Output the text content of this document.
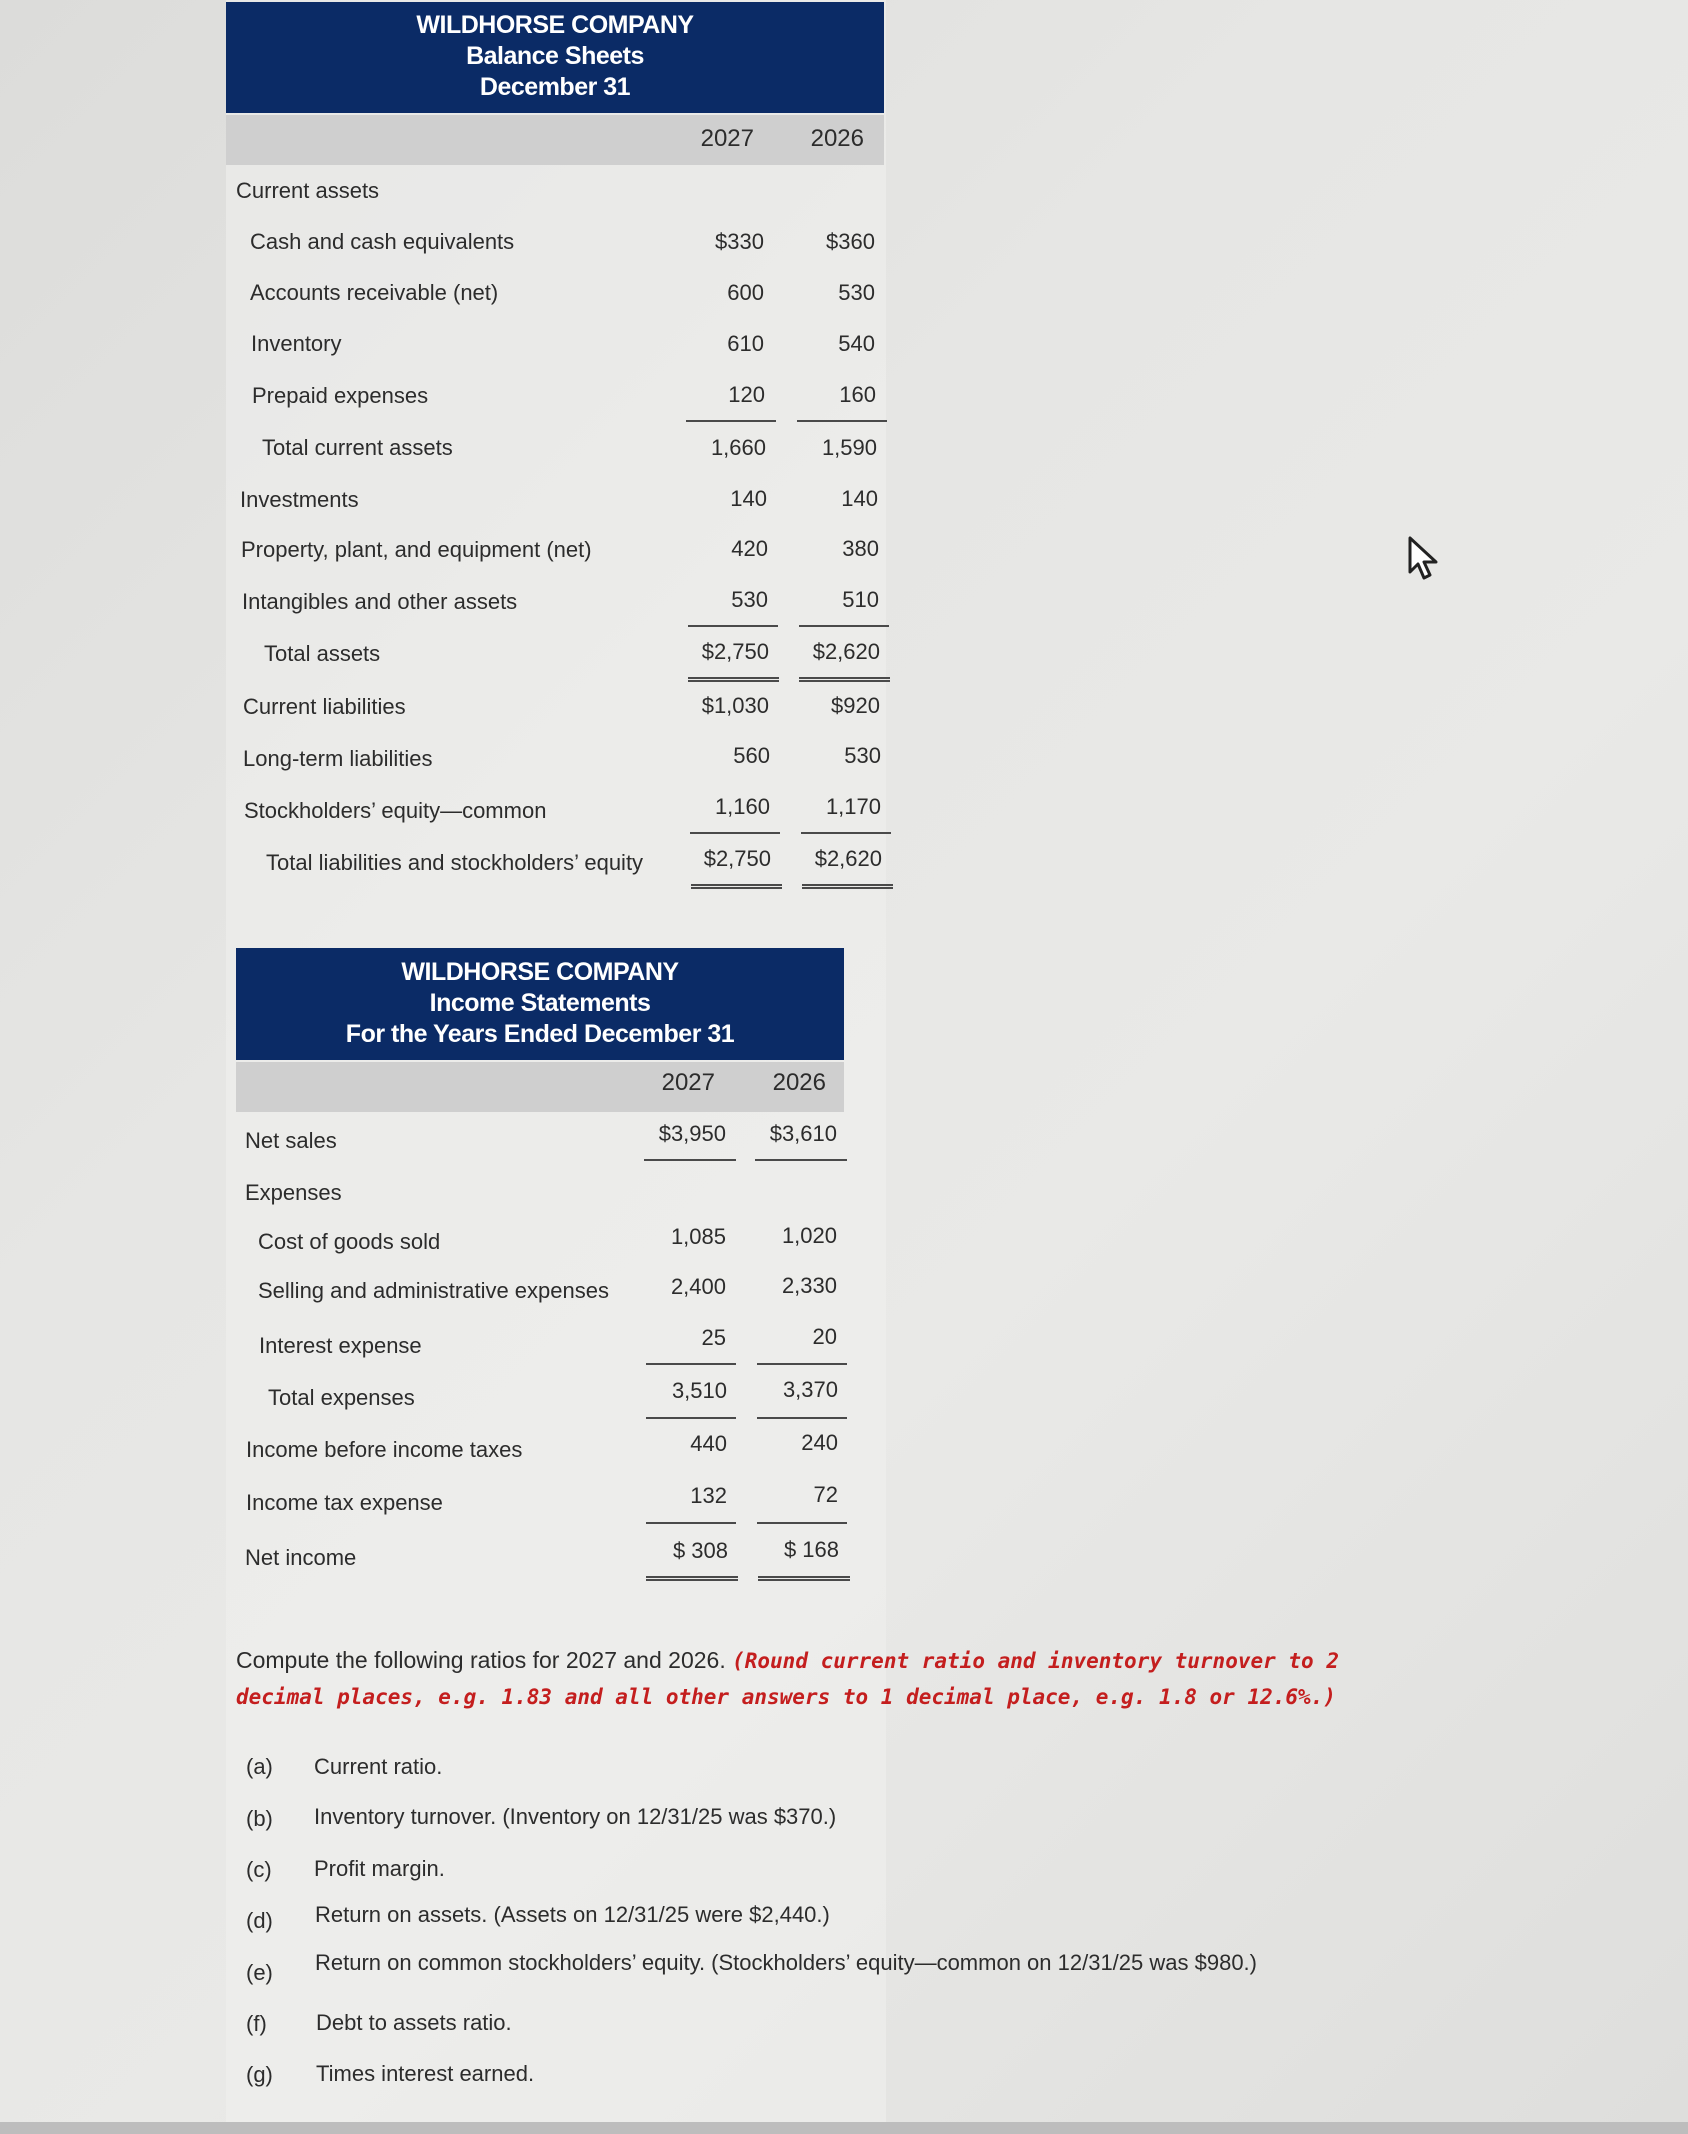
WILDHORSE COMPANY
Balance Sheets
December 31
2027	2026
Current assets
Cash and cash equivalents	$330	$360
Accounts receivable (net)	600	530
Inventory	610	540
Prepaid expenses	120	160
Total current assets	1,660	1,590
Investments	140	140
Property, plant, and equipment (net)	420	380
Intangibles and other assets	530	510
Total assets	$2,750	$2,620
Current liabilities	$1,030	$920
Long-term liabilities	560	530
Stockholders’ equity—common	1,160	1,170
Total liabilities and stockholders’ equity	$2,750	$2,620
WILDHORSE COMPANY
Income Statements
For the Years Ended December 31
2027	2026
Net sales	$3,950	$3,610
Expenses
Cost of goods sold	1,085	1,020
Selling and administrative expenses	2,400	2,330
Interest expense	25	20
Total expenses	3,510	3,370
Income before income taxes	440	240
Income tax expense	132	72
Net income	$ 308	$ 168
Compute the following ratios for 2027 and 2026. (Round current ratio and inventory turnover to 2 decimal places, e.g. 1.83 and all other answers to 1 decimal place, e.g. 1.8 or 12.6%.)
(a) Current ratio.
(b) Inventory turnover. (Inventory on 12/31/25 was $370.)
(c) Profit margin.
(d) Return on assets. (Assets on 12/31/25 were $2,440.)
(e) Return on common stockholders’ equity. (Stockholders’ equity—common on 12/31/25 was $980.)
(f) Debt to assets ratio.
(g) Times interest earned.
